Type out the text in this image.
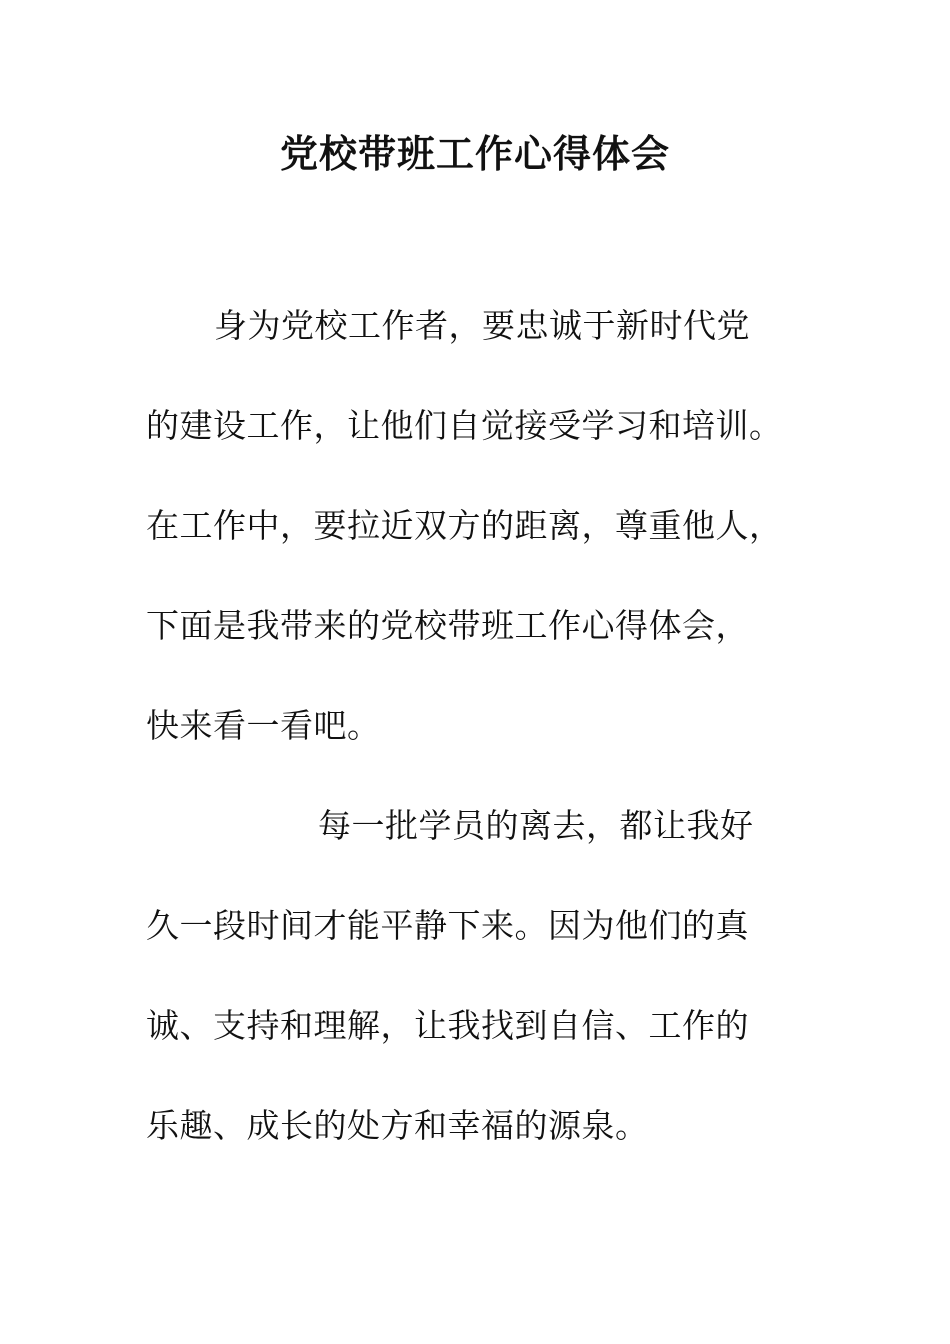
党校带班工作心得体会
身为党校工作者，要忠诚于新时代党
的建设工作，让他们自觉接受学习和培训。
在工作中，要拉近双方的距离，尊重他人，
下面是我带来的党校带班工作心得体会，
快来看一看吧。
每一批学员的离去，都让我好
久一段时间才能平静下来。因为他们的真
诚、支持和理解，让我找到自信、工作的
乐趣、成长的处方和幸福的源泉。
